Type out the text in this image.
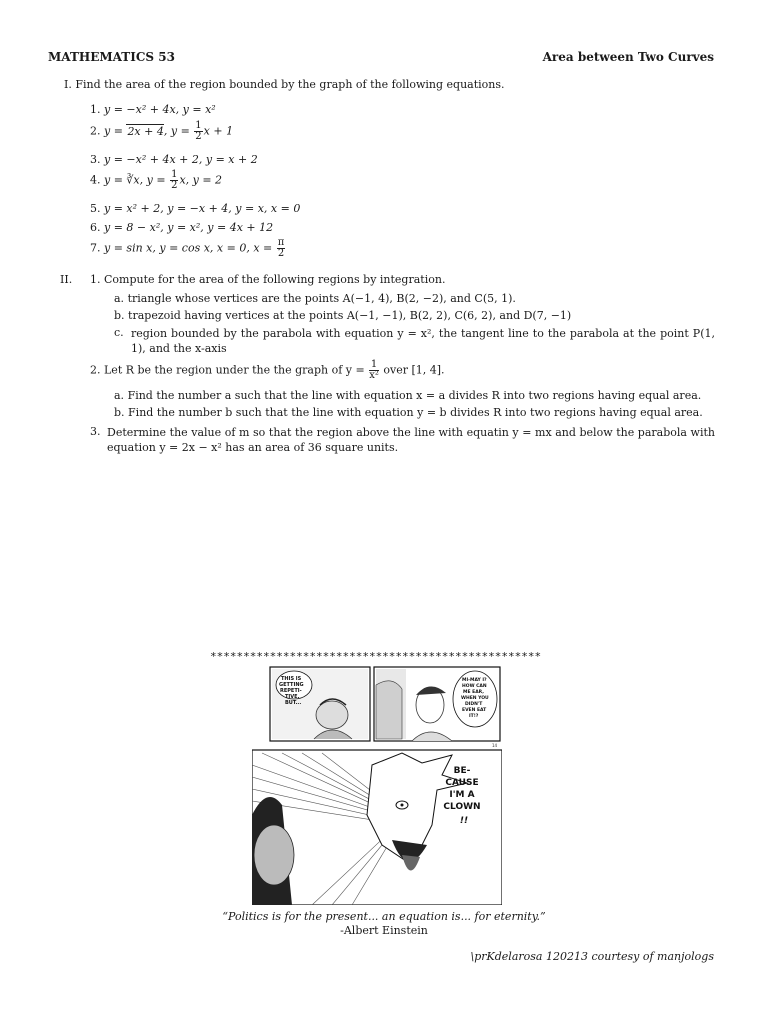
MATHEMATICS 53	Area between Two Curves
I. Find the area of the region bounded by the graph of the following equations.
1. y = −x² + 4x, y = x²
2. y = 2x + 4, $y = \frac{1}{2}$ x + 1
3. y = −x² + 4x + 2, y = x + 2
4. y = ∛x, $y = \frac{1}{2} x$, y = 2
5. y = x² + 2, y = −x + 4, y = x, x = 0
6. y = 8 − x², y = x², y = 4x + 12
7. y = sin x, y = cos x, x = 0, $x = \frac{\pi}{2}$
II. 1. Compute for the area of the following regions by integration.
a. triangle whose vertices are the points A(−1, 4), B(2, −2), and C(5, 1).
b. trapezoid having vertices at the points A(−1, −1), B(2, 2), C(6, 2), and D(7, −1)
c. region bounded by the parabola with equation y = x², the tangent line to the parabola at the point P(1, 1), and the x-axis
2. Let R be the region under the the graph of $y = \frac{1}{\text{x²}}$ over [1, 4].
a. Find the number a such that the line with equation x = a divides R into two regions having equal area.
b. Find the number b such that the line with equation y = b divides R into two regions having equal area.
3. Determine the value of m so that the region above the line with equatin y = mx and below the parabola with equation y = 2x − x² has an area of 36 square units.
**************************************************
THIS IS
GETTING
REPETI-
TIVE.
BUT...
MI-MAY I?
HOW CAN
ME EAR,
WHEN YOU
DIDN'T
EVEN EAT
IT!?
14
BE-
CAUSE
I'M A
CLOWN
!!
“Politics is for the present... an equation is... for eternity.”
-Albert Einstein
\prKdelarosa 120213 courtesy of manjologs
